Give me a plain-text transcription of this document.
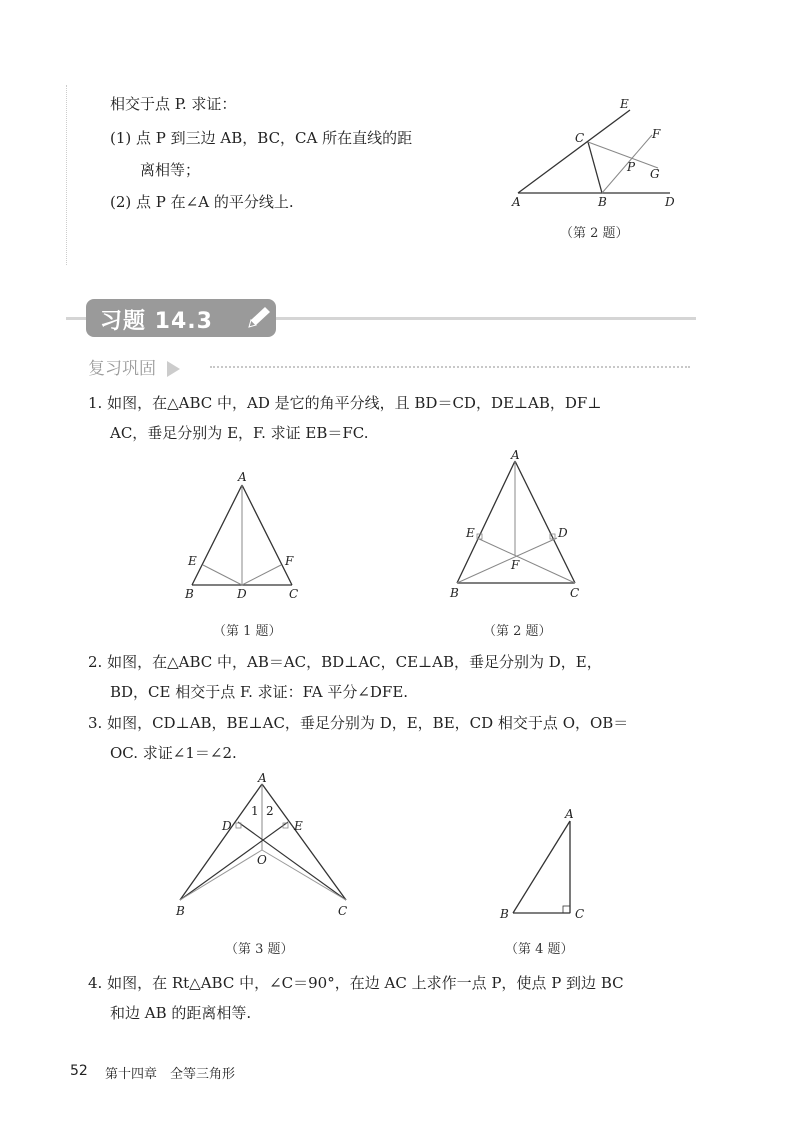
相交于点 P. 求证：
(1) 点 P 到三边 AB，BC，CA 所在直线的距
离相等；
(2) 点 P 在∠A 的平分线上.
E
C	F
P G
A	B	D
（第 2 题）
习题 14.3
复习巩固
1. 如图，在△ABC 中，AD 是它的角平分线，且 BD＝CD，DE⊥AB，DF⊥
AC，垂足分别为 E，F. 求证 EB＝FC.
A
E	F
B	D	C
（第 1 题）
A
E	D
F
B	C
（第 2 题）
2. 如图，在△ABC 中，AB＝AC，BD⊥AC，CE⊥AB，垂足分别为 D，E，
BD，CE 相交于点 F. 求证：FA 平分∠DFE.
3. 如图，CD⊥AB，BE⊥AC，垂足分别为 D，E，BE，CD 相交于点 O，OB＝
OC. 求证∠1＝∠2.
A
1 2
D	E
O
B	C
（第 3 题）
A
B	C
（第 4 题）
4. 如图，在 Rt△ABC 中，∠C＝90°，在边 AC 上求作一点 P，使点 P 到边 BC
和边 AB 的距离相等.
52 第十四章　全等三角形
